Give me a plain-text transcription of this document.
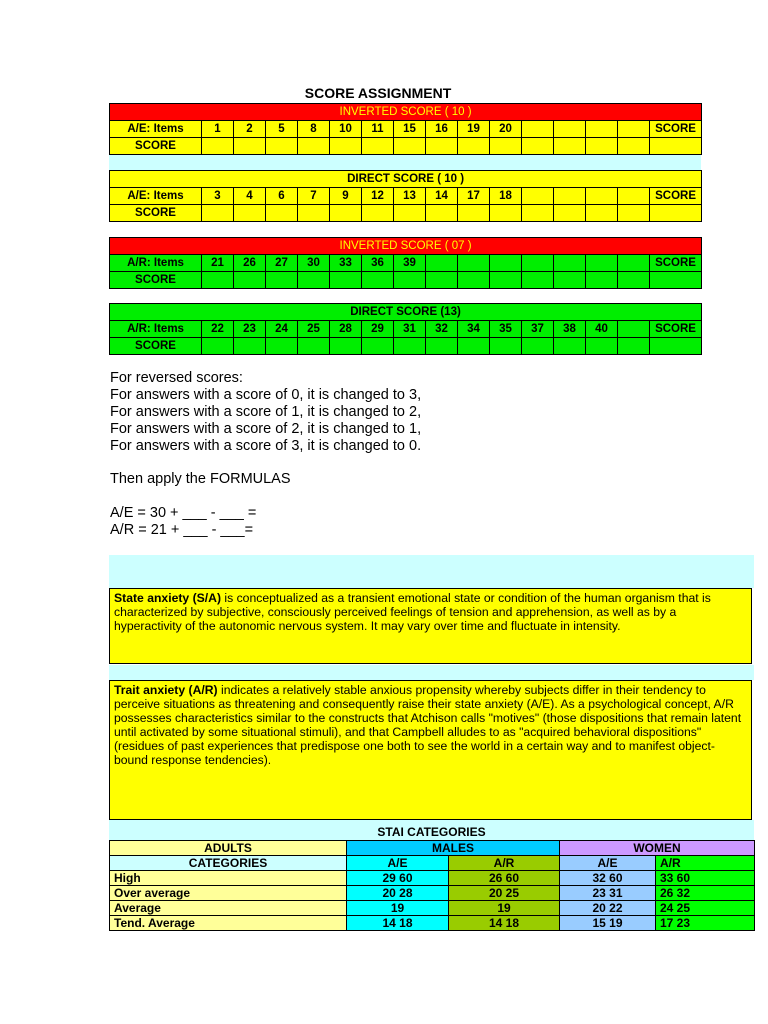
SCORE ASSIGNMENT
INVERTED SCORE ( 10 )															
A/E: Items	1	2	5	8	10	11	15	16	19	20					SCORE
SCORE															
DIRECT SCORE ( 10 )															
A/E: Items	3	4	6	7	9	12	13	14	17	18					SCORE
SCORE															
INVERTED SCORE ( 07 )															
A/R: Items	21	26	27	30	33	36	39								SCORE
SCORE															
DIRECT SCORE (13)															
A/R: Items	22	23	24	25	28	29	31	32	34	35	37	38	40		SCORE
SCORE															
For reversed scores:
For answers with a score of 0, it is changed to 3,
For answers with a score of 1, it is changed to 2,
For answers with a score of 2, it is changed to 1,
For answers with a score of 3, it is changed to 0.
Then apply the FORMULAS
A/E = 30 + ___ - ___ =
A/R = 21 + ___ - ___=
State anxiety (S/A) is conceptualized as a transient emotional state or condition of the human organism that is characterized by subjective, consciously perceived feelings of tension and apprehension, as well as by a hyperactivity of the autonomic nervous system. It may vary over time and fluctuate in intensity.
Trait anxiety (A/R) indicates a relatively stable anxious propensity whereby subjects differ in their tendency to perceive situations as threatening and consequently raise their state anxiety (A/E). As a psychological concept, A/R possesses characteristics similar to the constructs that Atchison calls "motives" (those dispositions that remain latent until activated by some situational stimuli), and that Campbell alludes to as "acquired behavioral dispositions" (residues of past experiences that predispose one both to see the world in a certain way and to manifest object-bound response tendencies).
STAI CATEGORIES
ADULTS	MALES		WOMEN	
CATEGORIES	A/E	A/R	A/E	A/R
High	29 60	26 60	32 60	33 60
Over average	20 28	20 25	23 31	26 32
Average	19	19	20 22	24 25
Tend. Average	14 18	14 18	15 19	17 23
